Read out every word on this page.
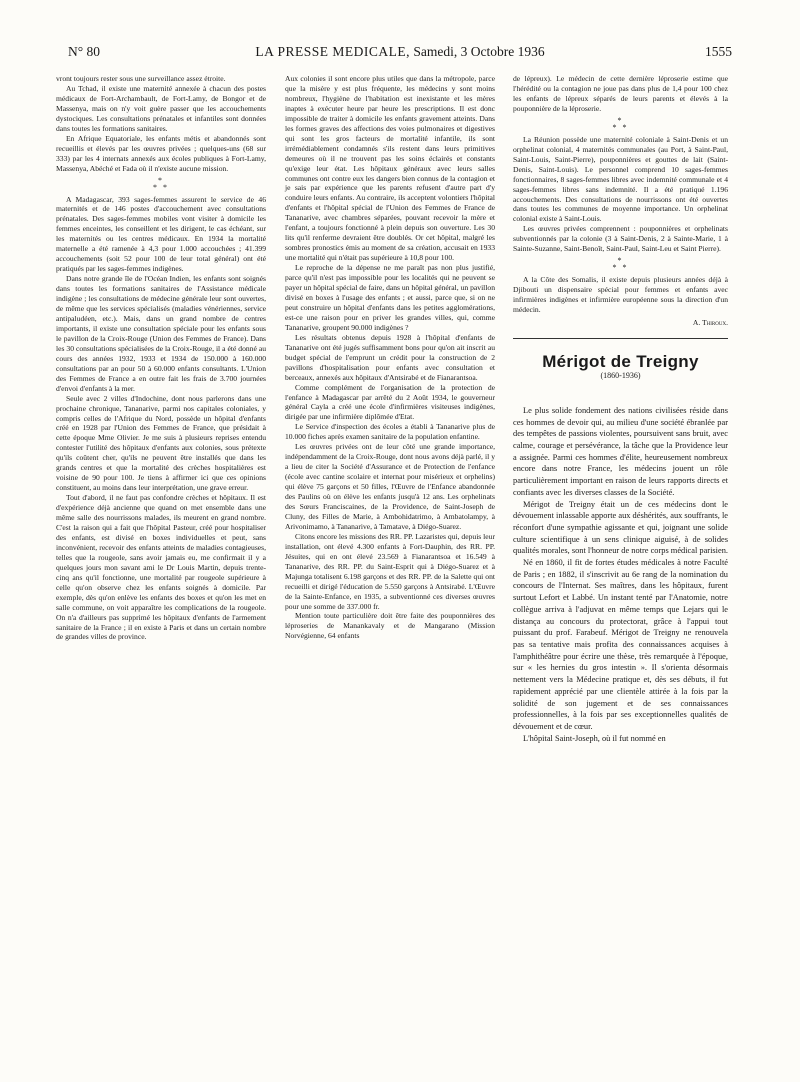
N° 80	LA PRESSE MEDICALE, Samedi, 3 Octobre 1936	1555

vront toujours rester sous une surveillance assez étroite.

Au Tchad, il existe une maternité annexée à chacun des postes médicaux de Fort-Archambault, de Fort-Lamy, de Bongor et de Massenya, mais on n'y voit guère passer que les accouchements dystociques. Les consultations prénatales et infantiles sont données dans toutes les formations sanitaires.

En Afrique Equatoriale, les enfants métis et abandonnés sont recueillis et élevés par les œuvres privées ; quelques-uns (68 sur 333) par les 4 internats annexés aux écoles publiques à Fort-Lamy, Massenya, Abéché et Fada où il n'existe aucune mission.

*
* *

A Madagascar, 393 sages-femmes assurent le service de 46 maternités et de 146 postes d'accouchement avec consultations prénatales. Des sages-femmes mobiles vont visiter à domicile les femmes enceintes, les conseillent et les dirigent, le cas échéant, sur les maternités ou les centres médicaux. En 1934 la mortalité maternelle a été ramenée à 4,3 pour 1.000 accouchées ; 41.399 accouchements (soit 52 pour 100 de leur total général) ont été pratiqués par les sages-femmes indigènes.

Dans notre grande île de l'Océan Indien, les enfants sont soignés dans toutes les formations sanitaires de l'Assistance médicale indigène ; les consultations de médecine générale leur sont ouvertes, de même que les services spécialisés (maladies vénériennes, service antipaludéen, etc.). Mais, dans un grand nombre de centres importants, il existe une consultation spéciale pour les enfants sous le pavillon de la Croix-Rouge (Union des Femmes de France). Dans les 30 consultations spécialisées de la Croix-Rouge, il a été donné au cours des années 1932, 1933 et 1934 de 150.000 à 160.000 consultations par an pour 50 à 60.000 enfants consultants. L'Union des Femmes de France a en outre fait les frais de 3.700 journées d'envoi d'enfants à la mer.

Seule avec 2 villes d'Indochine, dont nous parlerons dans une prochaine chronique, Tananarive, parmi nos capitales coloniales, y compris celles de l'Afrique du Nord, possède un hôpital d'enfants créé en 1928 par l'Union des Femmes de France, que présidait à cette époque Mme Olivier. Je me suis à plusieurs reprises entendu contester l'utilité des hôpitaux d'enfants aux colonies, sous prétexte qu'ils coûtent cher, qu'ils ne peuvent être installés que dans les grands centres et que la mortalité des crèches hospitalières est voisine de 90 pour 100. Je tiens à affirmer ici que ces opinions constituent, au moins dans leur interprétation, une grave erreur.

Tout d'abord, il ne faut pas confondre crèches et hôpitaux. Il est d'expérience déjà ancienne que quand on met ensemble dans une même salle des nourrissons malades, ils meurent en grand nombre. C'est la raison qui a fait que l'hôpital Pasteur, créé pour hospitaliser des enfants, est divisé en boxes individuelles et peut, sans inconvénient, recevoir des enfants atteints de maladies contagieuses, telles que la rougeole, sans avoir jamais eu, me confirmait il y a quelques jours mon savant ami le Dr Louis Martin, depuis trente-cinq ans qu'il fonctionne, une mortalité par rougeole supérieure à celle qu'on observe chez les enfants soignés à domicile. Par exemple, dès qu'on enlève les enfants des boxes et qu'on les met en salle commune, on voit apparaître les complications de la rougeole. On n'a d'ailleurs pas supprimé les hôpitaux d'enfants de l'armement sanitaire de la France ; il en existe à Paris et dans un certain nombre de grandes villes de province.

Aux colonies il sont encore plus utiles que dans la métropole, parce que la misère y est plus fréquente, les médecins y sont moins nombreux, l'hygiène de l'habitation est inexistante et les mères inaptes à exécuter heure par heure les prescriptions. Il est donc impossible de traiter à domicile les enfants gravement atteints. Dans les formes graves des affections des voies pulmonaires et digestives qui sont les gros facteurs de mortalité infantile, ils sont irrémédiablement condamnés s'ils restent dans leurs primitives demeures où il ne trouvent pas les soins éclairés et constants qu'exige leur état. Les hôpitaux généraux avec leurs salles communes ont contre eux les dangers bien connus de la contagion et je sais par expérience que les parents refusent d'autre part d'y conduire leurs enfants. Au contraire, ils acceptent volontiers l'hôpital d'enfants et l'hôpital spécial de l'Union des Femmes de France de Tananarive, avec chambres séparées, pouvant recevoir la mère et l'enfant, a toujours fonctionné à plein depuis son ouverture. Les 30 lits qu'il renferme devraient être doublés. Or cet hôpital, malgré les sombres pronostics émis au moment de sa création, accusait en 1933 une mortalité qui n'était pas supérieure à 10,8 pour 100.

Le reproche de la dépense ne me paraît pas non plus justifié, parce qu'il n'est pas impossible pour les localités qui ne peuvent se payer un hôpital spécial de faire, dans un hôpital général, un pavillon divisé en boxes à l'usage des enfants ; et aussi, parce que, si on ne peut construire un hôpital d'enfants dans les petites agglomérations, est-ce une raison pour en priver les grandes villes, qui, comme Tananarive, groupent 90.000 indigènes ?

Les résultats obtenus depuis 1928 à l'hôpital d'enfants de Tananarive ont été jugés suffisamment bons pour qu'on ait inscrit au budget spécial de l'emprunt un crédit pour la construction de 2 pavillons d'hospitalisation pour enfants avec consultation et berceaux, annexés aux hôpitaux d'Antsirabé et de Fianarantsoa.

Comme complément de l'organisation de la protection de l'enfance à Madagascar par arrêté du 2 Août 1934, le gouverneur général Cayla a créé une école d'infirmières visiteuses indigènes, dirigée par une infirmière diplômée d'Etat.

Le Service d'inspection des écoles a établi à Tananarive plus de 10.000 fiches après examen sanitaire de la population enfantine.

Les œuvres privées ont de leur côté une grande importance, indépendamment de la Croix-Rouge, dont nous avons déjà parlé, il y a lieu de citer la Société d'Assurance et de Protection de l'enfance (école avec cantine scolaire et internat pour misérieux et orphelins) qui élève 75 garçons et 50 filles, l'Œuvre de l'Enfance abandonnée des Paulins où on élève les enfants jusqu'à 12 ans. Les orphelinats des Sœurs Franciscaines, de la Providence, de Saint-Joseph de Cluny, des Filles de Marie, à Ambohidatrimo, à Ambatolampy, à Arivonimamo, à Tananarive, à Tamatave, à Diégo-Suarez.

Citons encore les missions des RR. PP. Lazaristes qui, depuis leur installation, ont élevé 4.300 enfants à Fort-Dauphin, des RR. PP. Jésuites, qui en ont élevé 23.569 à Fianarantsoa et 16.549 à Tananarive, des RR. PP. du Saint-Esprit qui à Diégo-Suarez et à Majunga totalisent 6.198 garçons et des RR. PP. de la Salette qui ont recueilli et dirigé l'éducation de 5.550 garçons à Antsirabé. L'Œuvre de la Sainte-Enfance, en 1935, a subventionné ces diverses œuvres pour une somme de 337.000 fr.

Mention toute particulière doit être faite des pouponnières des léproseries de Manankavaly et de Mangarano (Mission Norvégienne, 64 enfants

de lépreux). Le médecin de cette dernière léproserie estime que l'hérédité ou la contagion ne joue pas dans plus de 1,4 pour 100 chez les enfants de lépreux séparés de leurs parents et élevés à la pouponnière de la léproserie.

*
* *

La Réunion possède une maternité coloniale à Saint-Denis et un orphelinat colonial, 4 maternités communales (au Port, à Saint-Paul, Saint-Louis, Saint-Pierre), pouponnières et gouttes de lait (Saint-Denis, Saint-Louis). Le personnel comprend 10 sages-femmes fonctionnaires, 8 sages-femmes libres avec indemnité communale et 4 sages-femmes libres sans indemnité. Il a été pratiqué 1.196 accouchements. Des consultations de nourrissons ont été ouvertes dans toutes les communes de moyenne importance. Un orphelinat colonial existe à Saint-Louis.

Les œuvres privées comprennent : pouponnières et orphelinats subventionnés par la colonie (3 à Saint-Denis, 2 à Sainte-Marie, 1 à Sainte-Suzanne, Saint-Benoît, Saint-Paul, Saint-Leu et Saint Pierre).

*
* *

A la Côte des Somalis, il existe depuis plusieurs années déjà à Djibouti un dispensaire spécial pour femmes et enfants avec infirmières indigènes et infirmière européenne sous la direction d'un médecin.

A. Thiroux.
Mérigot de Treigny
(1860-1936)

Le plus solide fondement des nations civilisées réside dans ces hommes de devoir qui, au milieu d'une société ébranlée par des tempêtes de passions violentes, poursuivent sans bruit, avec calme, courage et persévérance, la tâche que la Providence leur a assignée. Parmi ces hommes d'élite, heureusement nombreux encore dans notre France, les médecins jouent un rôle particulièrement important en raison de leurs rapports directs et confiants avec les diverses classes de la Société.

Mérigot de Treigny était un de ces médecins dont le dévouement inlassable apporte aux déshérités, aux souffrants, le réconfort d'une sympathie agissante et qui, joignant une solide culture scientifique à un sens clinique aiguisé, à de solides qualités morales, sont l'honneur de notre corps médical parisien.

Né en 1860, il fit de fortes études médicales à notre Faculté de Paris ; en 1882, il s'inscrivit au 6e rang de la nomination du concours de l'Internat. Ses maîtres, dans les hôpitaux, furent surtout Lefort et Labbé. Un instant tenté par l'Anatomie, notre collègue arriva à l'adjuvat en même temps que Lejars qui le distança au concours du protectorat, grâce à l'appui tout puissant du prof. Farabeuf. Mérigot de Treigny ne renouvela pas sa tentative mais profita des connaissances acquises à l'amphithéâtre pour écrire une thèse, très remarquée à l'époque, sur « les hernies du gros intestin ». Il s'orienta désormais nettement vers la Médecine pratique et, dès ses débuts, il fut rapidement apprécié par une clientèle attirée à la fois par la solidité de son jugement et de ses connaissances professionnelles, à la fois par ses exceptionnelles qualités de dévouement et de cœur.

L'hôpital Saint-Joseph, où il fut nommé en
